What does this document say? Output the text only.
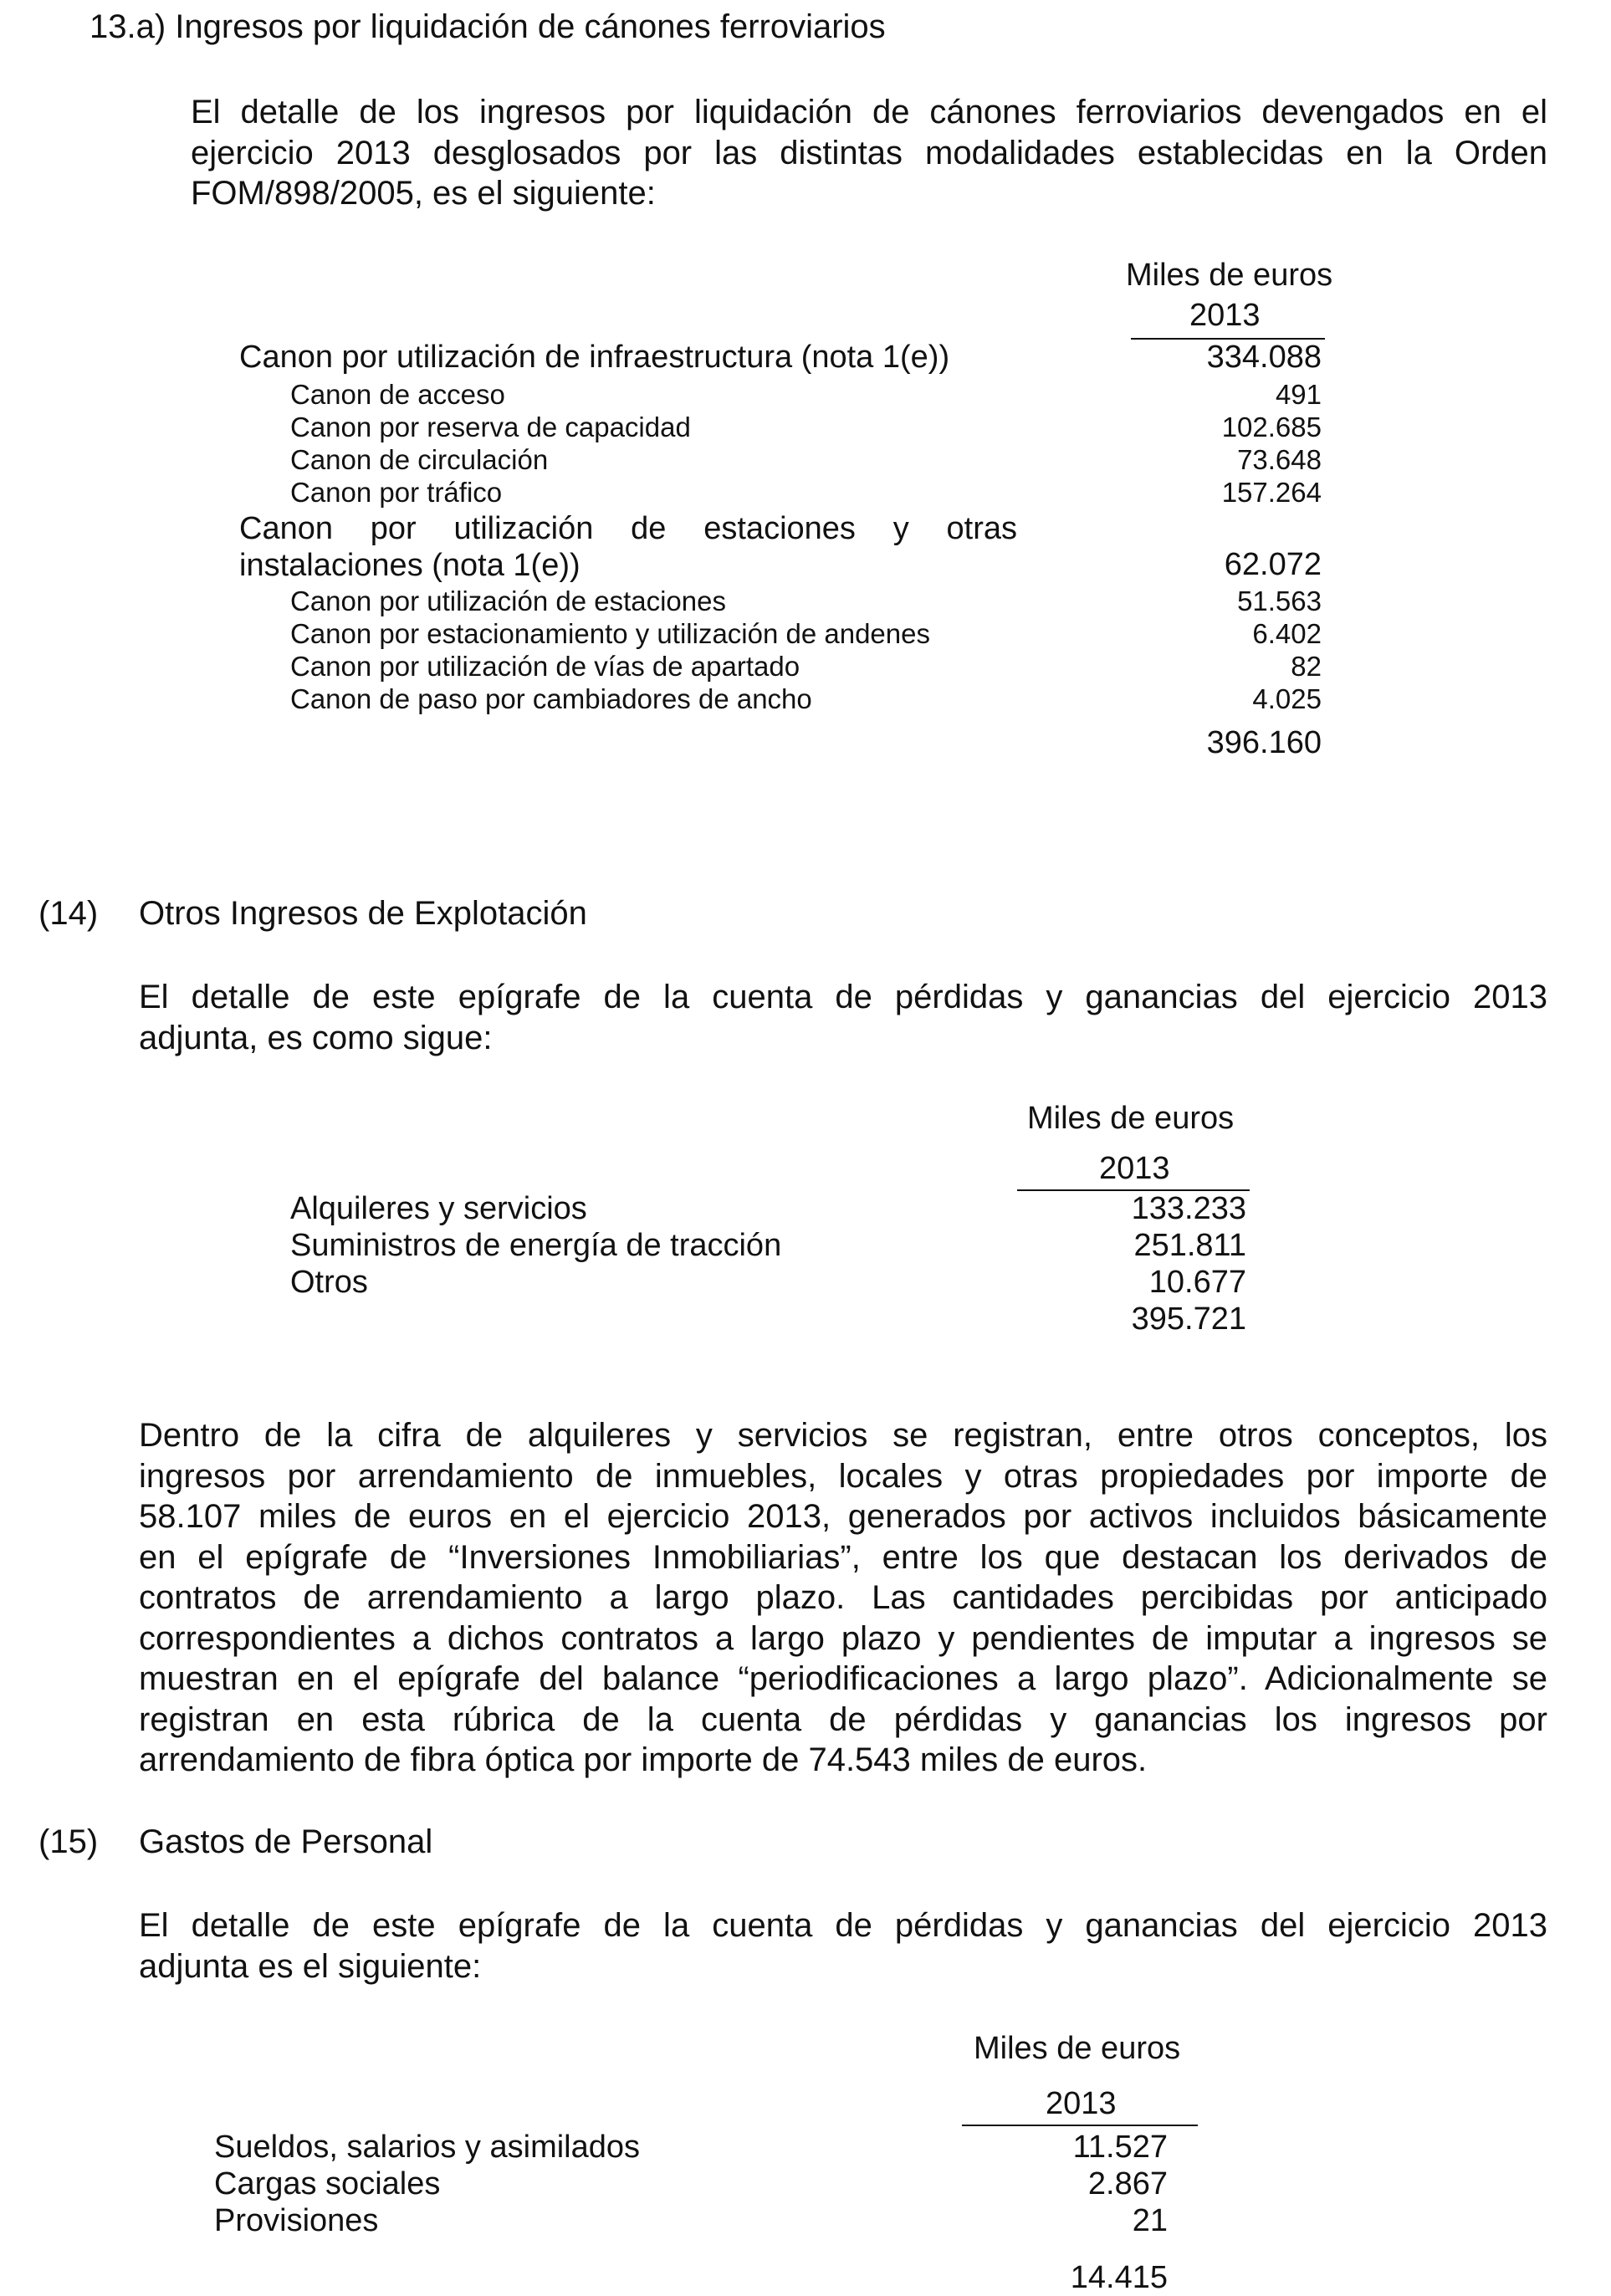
13.a) Ingresos por liquidación de cánones ferroviarios
El detalle de los ingresos por liquidación de cánones ferroviarios devengados en el
ejercicio 2013 desglosados por las distintas modalidades establecidas en la Orden
FOM/898/2005, es el siguiente:
Miles de euros
2013
Canon por utilización de infraestructura (nota 1(e))	334.088
Canon de acceso	491
Canon por reserva de capacidad	102.685
Canon de circulación	73.648
Canon por tráfico	157.264
Canon por utilización de estaciones y otras
instalaciones (nota 1(e))	62.072
Canon por utilización de estaciones	51.563
Canon por estacionamiento y utilización de andenes	6.402
Canon por utilización de vías de apartado	82
Canon de paso por cambiadores de ancho	4.025
396.160
(14) Otros Ingresos de Explotación
El detalle de este epígrafe de la cuenta de pérdidas y ganancias del ejercicio 2013
adjunta, es como sigue:
Miles de euros
2013
Alquileres y servicios	133.233
Suministros de energía de tracción	251.811
Otros	10.677
395.721
Dentro de la cifra de alquileres y servicios se registran, entre otros conceptos, los
ingresos por arrendamiento de inmuebles, locales y otras propiedades por importe de
58.107 miles de euros en el ejercicio 2013, generados por activos incluidos básicamente
en el epígrafe de “Inversiones Inmobiliarias”, entre los que destacan los derivados de
contratos de arrendamiento a largo plazo. Las cantidades percibidas por anticipado
correspondientes a dichos contratos a largo plazo y pendientes de imputar a ingresos se
muestran en el epígrafe del balance “periodificaciones a largo plazo”. Adicionalmente se
registran en esta rúbrica de la cuenta de pérdidas y ganancias los ingresos por
arrendamiento de fibra óptica por importe de 74.543 miles de euros.
(15) Gastos de Personal
El detalle de este epígrafe de la cuenta de pérdidas y ganancias del ejercicio 2013
adjunta es el siguiente:
Miles de euros
2013
Sueldos, salarios y asimilados	11.527
Cargas sociales	2.867
Provisiones	21
14.415
